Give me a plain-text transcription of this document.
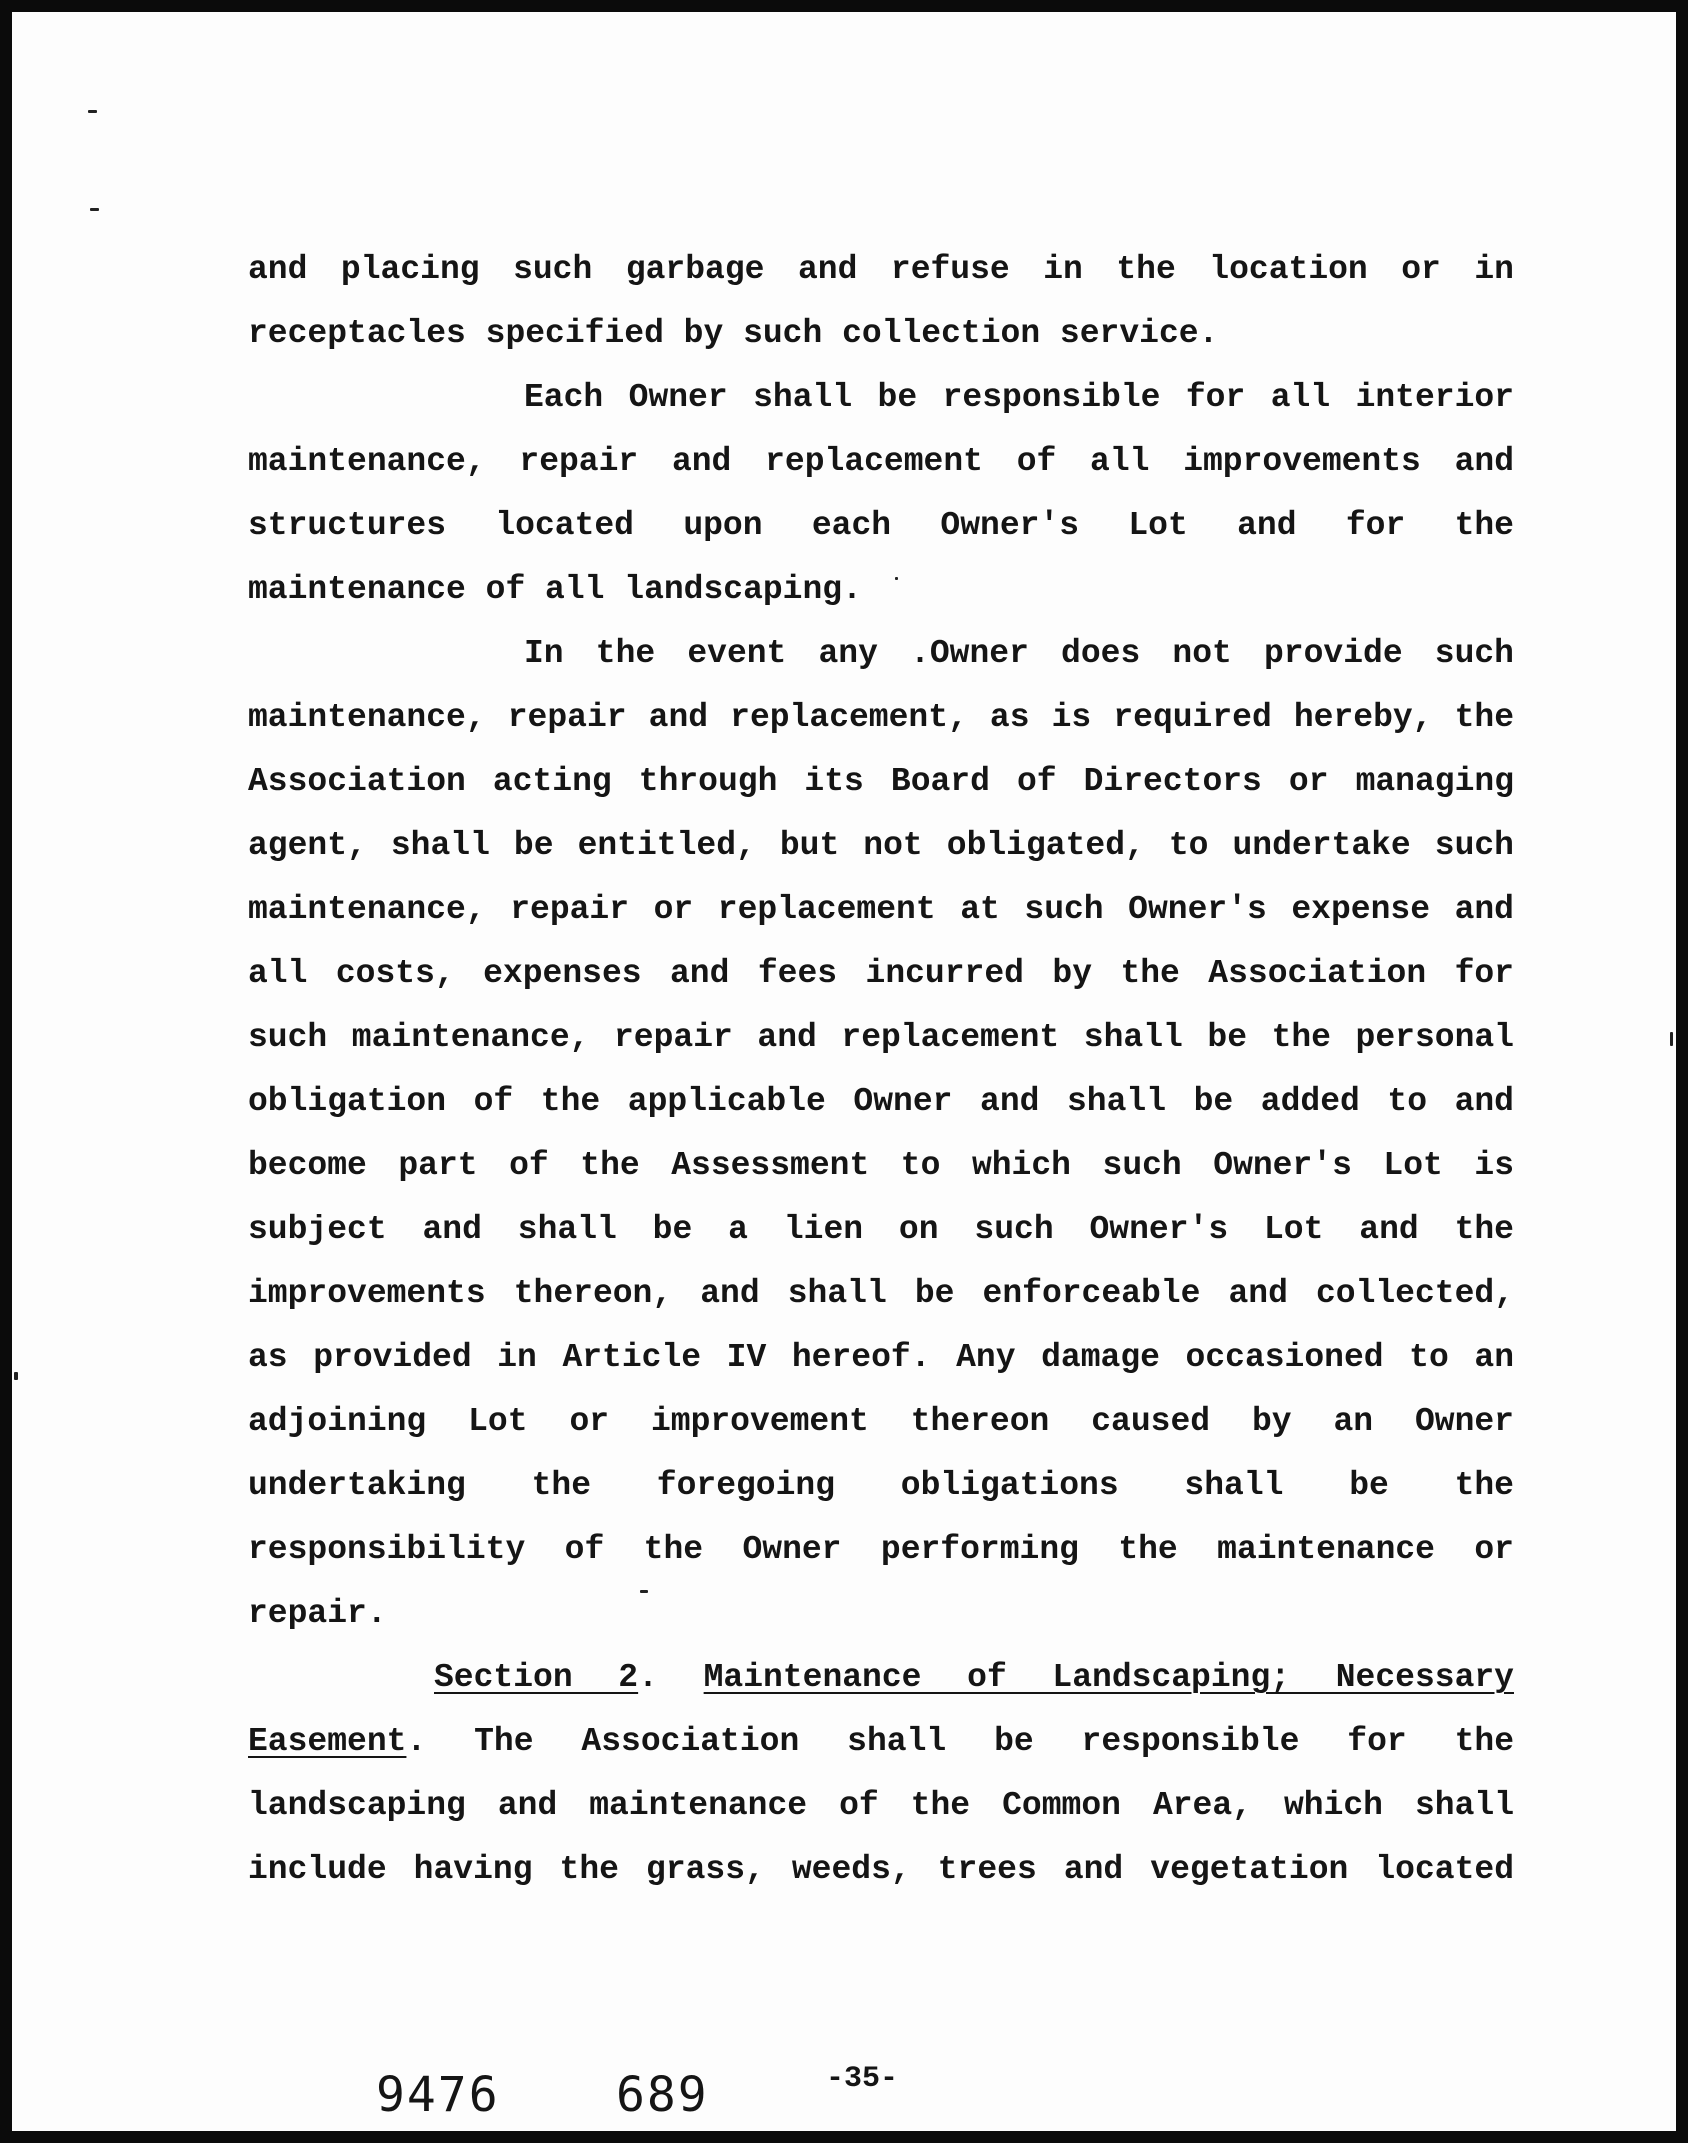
and placing such garbage and refuse in the location or in
receptacles specified by such collection service.
Each Owner shall be responsible for all interior
maintenance, repair and replacement of all improvements and
structures located upon each Owner's Lot and for the
maintenance of all landscaping.
In the event any .Owner does not provide such
maintenance, repair and replacement, as is required hereby, the
Association acting through its Board of Directors or managing
agent, shall be entitled, but not obligated, to undertake such
maintenance, repair or replacement at such Owner's expense and
all costs, expenses and fees incurred by the Association for
such maintenance, repair and replacement shall be the personal
obligation of the applicable Owner and shall be added to and
become part of the Assessment to which such Owner's Lot is
subject and shall be a lien on such Owner's Lot and the
improvements thereon, and shall be enforceable and collected,
as provided in Article IV hereof. Any damage occasioned to an
adjoining Lot or improvement thereon caused by an Owner
undertaking the foregoing obligations shall be the
responsibility of the Owner performing the maintenance or
repair.
Section 2. Maintenance of Landscaping; Necessary
Easement. The Association shall be responsible for the
landscaping and maintenance of the Common Area, which shall
include having the grass, weeds, trees and vegetation located
9476 689	-35-
